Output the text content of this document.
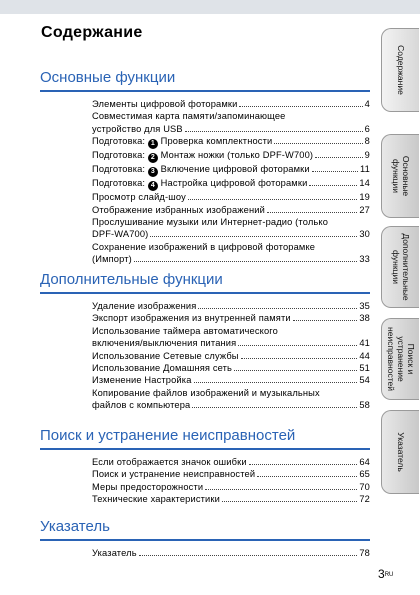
Содержание
Основные функции
Элементы цифровой фоторамки	4
Совместимая карта памяти/запоминающее
устройство для USB	6
Подготовка: 1 Проверка комплектности	8
Подготовка: 2 Монтаж ножки (только DPF-W700)	9
Подготовка: 3 Включение цифровой фоторамки	11
Подготовка: 4 Настройка цифровой фоторамки	14
Просмотр слайд-шоу	19
Отображение избранных изображений	27
Прослушивание музыки или Интернет-радио (только
DPF-WA700)	30
Сохранение изображений в цифровой фоторамке
(Импорт)	33
Дополнительные функции
Удаление изображения	35
Экспорт изображения из внутренней памяти	38
Использование таймера автоматического
включения/выключения питания	41
Использование Сетевые службы	44
Использование Домашняя сеть	51
Изменение Настройка	54
Копирование файлов изображений и музыкальных
файлов с компьютера	58
Поиск и устранение неисправностей
Если отображается значок ошибки	64
Поиск и устранение неисправностей	65
Меры предосторожности	70
Технические характеристики	72
Указатель
Указатель	78
Содержание
Основные
функции
Дополнительные
функции
Поиск и
устранение
неисправностей
Указатель
3RU
